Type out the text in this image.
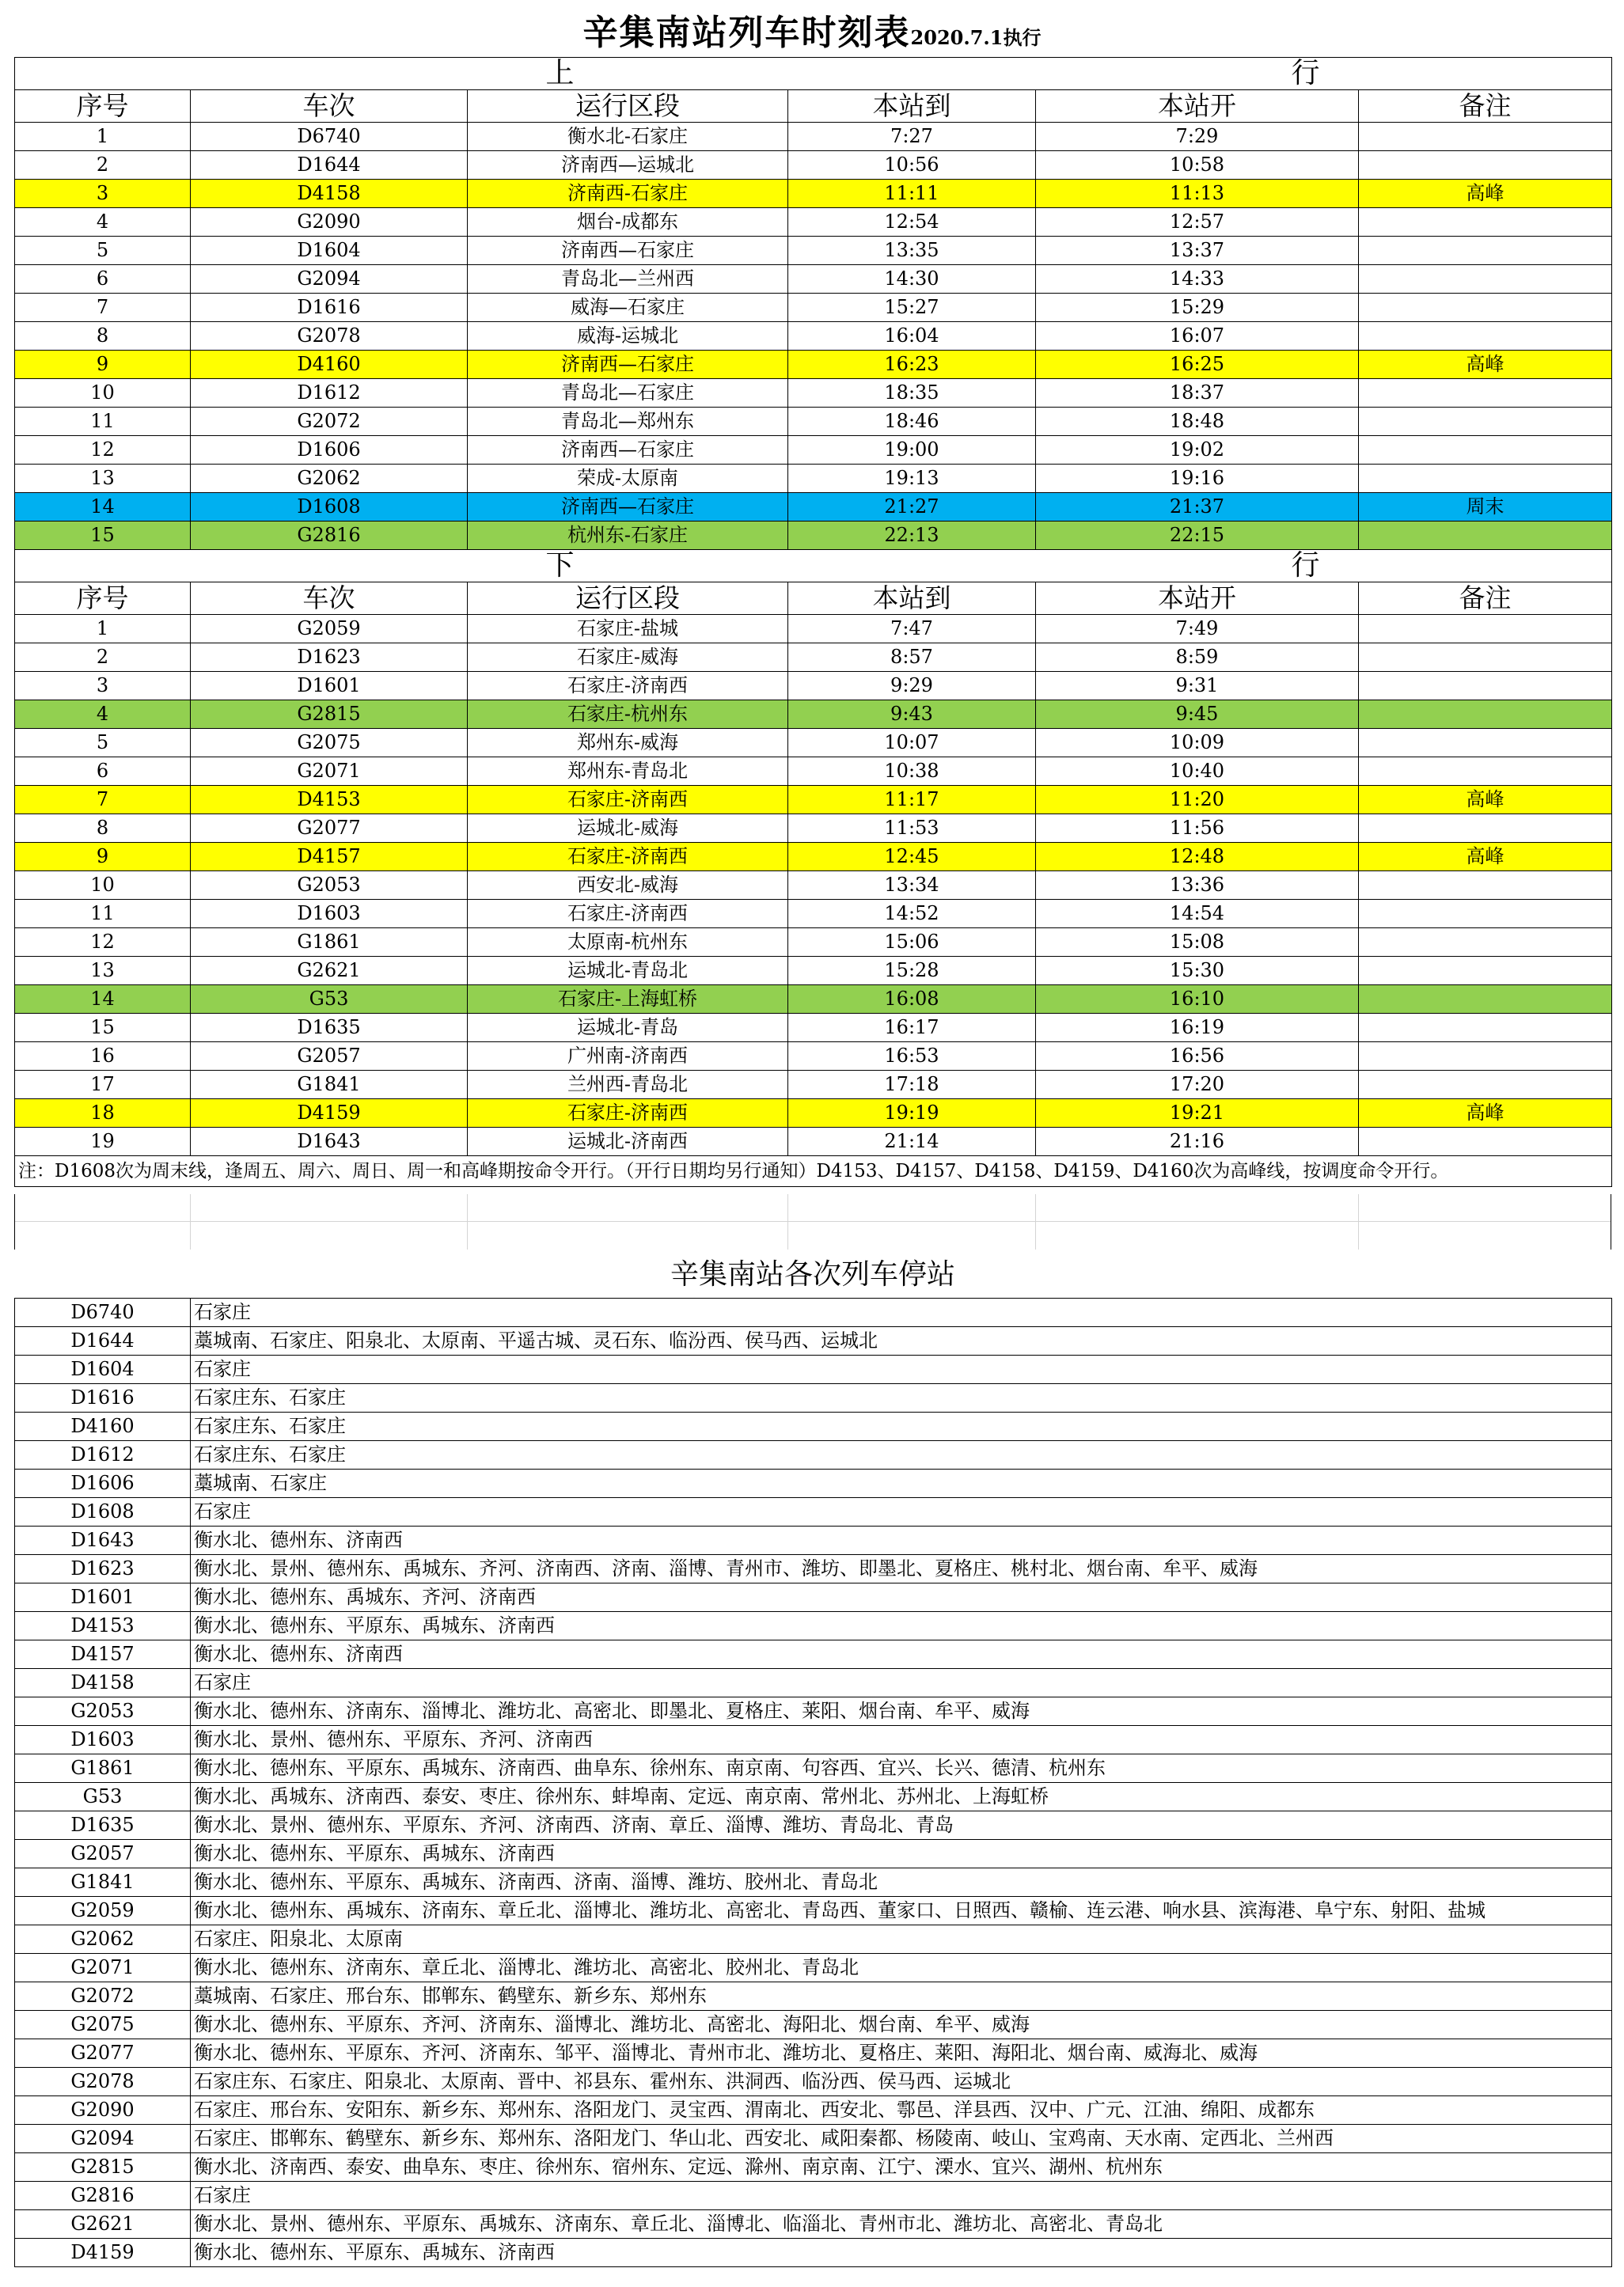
辛集南站列车时刻表2020.7.1执行
上 行					
序号	车次	运行区段	本站到	本站开	备注
1	D6740	衡水北-石家庄	7:27	7:29	
2	D1644	济南西—运城北	10:56	10:58	
3	D4158	济南西-石家庄	11:11	11:13	高峰
4	G2090	烟台-成都东	12:54	12:57	
5	D1604	济南西—石家庄	13:35	13:37	
6	G2094	青岛北—兰州西	14:30	14:33	
7	D1616	威海—石家庄	15:27	15:29	
8	G2078	威海-运城北	16:04	16:07	
9	D4160	济南西—石家庄	16:23	16:25	高峰
10	D1612	青岛北—石家庄	18:35	18:37	
11	G2072	青岛北—郑州东	18:46	18:48	
12	D1606	济南西—石家庄	19:00	19:02	
13	G2062	荣成-太原南	19:13	19:16	
14	D1608	济南西—石家庄	21:27	21:37	周末
15	G2816	杭州东-石家庄	22:13	22:15	
下 行					
序号	车次	运行区段	本站到	本站开	备注
1	G2059	石家庄-盐城	7:47	7:49	
2	D1623	石家庄-威海	8:57	8:59	
3	D1601	石家庄-济南西	9:29	9:31	
4	G2815	石家庄-杭州东	9:43	9:45	
5	G2075	郑州东-威海	10:07	10:09	
6	G2071	郑州东-青岛北	10:38	10:40	
7	D4153	石家庄-济南西	11:17	11:20	高峰
8	G2077	运城北-威海	11:53	11:56	
9	D4157	石家庄-济南西	12:45	12:48	高峰
10	G2053	西安北-威海	13:34	13:36	
11	D1603	石家庄-济南西	14:52	14:54	
12	G1861	太原南-杭州东	15:06	15:08	
13	G2621	运城北-青岛北	15:28	15:30	
14	G53	石家庄-上海虹桥	16:08	16:10	
15	D1635	运城北-青岛	16:17	16:19	
16	G2057	广州南-济南西	16:53	16:56	
17	G1841	兰州西-青岛北	17:18	17:20	
18	D4159	石家庄-济南西	19:19	19:21	高峰
19	D1643	运城北-济南西	21:14	21:16	
注：D1608次为周末线，逢周五、周六、周日、周一和高峰期按命令开行。（开行日期均另行通知）D4153、D4157、D4158、D4159、D4160次为高峰线，按调度命令开行。					
辛集南站各次列车停站
D6740	石家庄
D1644	藁城南、石家庄、阳泉北、太原南、平遥古城、灵石东、临汾西、侯马西、运城北
D1604	石家庄
D1616	石家庄东、石家庄
D4160	石家庄东、石家庄
D1612	石家庄东、石家庄
D1606	藁城南、石家庄
D1608	石家庄
D1643	衡水北、德州东、济南西
D1623	衡水北、景州、德州东、禹城东、齐河、济南西、济南、淄博、青州市、潍坊、即墨北、夏格庄、桃村北、烟台南、牟平、威海
D1601	衡水北、德州东、禹城东、齐河、济南西
D4153	衡水北、德州东、平原东、禹城东、济南西
D4157	衡水北、德州东、济南西
D4158	石家庄
G2053	衡水北、德州东、济南东、淄博北、潍坊北、高密北、即墨北、夏格庄、莱阳、烟台南、牟平、威海
D1603	衡水北、景州、德州东、平原东、齐河、济南西
G1861	衡水北、德州东、平原东、禹城东、济南西、曲阜东、徐州东、南京南、句容西、宜兴、长兴、德清、杭州东
G53	衡水北、禹城东、济南西、泰安、枣庄、徐州东、蚌埠南、定远、南京南、常州北、苏州北、上海虹桥
D1635	衡水北、景州、德州东、平原东、齐河、济南西、济南、章丘、淄博、潍坊、青岛北、青岛
G2057	衡水北、德州东、平原东、禹城东、济南西
G1841	衡水北、德州东、平原东、禹城东、济南西、济南、淄博、潍坊、胶州北、青岛北
G2059	衡水北、德州东、禹城东、济南东、章丘北、淄博北、潍坊北、高密北、青岛西、董家口、日照西、赣榆、连云港、响水县、滨海港、阜宁东、射阳、盐城
G2062	石家庄、阳泉北、太原南
G2071	衡水北、德州东、济南东、章丘北、淄博北、潍坊北、高密北、胶州北、青岛北
G2072	藁城南、石家庄、邢台东、邯郸东、鹤壁东、新乡东、郑州东
G2075	衡水北、德州东、平原东、齐河、济南东、淄博北、潍坊北、高密北、海阳北、烟台南、牟平、威海
G2077	衡水北、德州东、平原东、齐河、济南东、邹平、淄博北、青州市北、潍坊北、夏格庄、莱阳、海阳北、烟台南、威海北、威海
G2078	石家庄东、石家庄、阳泉北、太原南、晋中、祁县东、霍州东、洪洞西、临汾西、侯马西、运城北
G2090	石家庄、邢台东、安阳东、新乡东、郑州东、洛阳龙门、灵宝西、渭南北、西安北、鄠邑、洋县西、汉中、广元、江油、绵阳、成都东
G2094	石家庄、邯郸东、鹤壁东、新乡东、郑州东、洛阳龙门、华山北、西安北、咸阳秦都、杨陵南、岐山、宝鸡南、天水南、定西北、兰州西
G2815	衡水北、济南西、泰安、曲阜东、枣庄、徐州东、宿州东、定远、滁州、南京南、江宁、溧水、宜兴、湖州、杭州东
G2816	石家庄
G2621	衡水北、景州、德州东、平原东、禹城东、济南东、章丘北、淄博北、临淄北、青州市北、潍坊北、高密北、青岛北
D4159	衡水北、德州东、平原东、禹城东、济南西
